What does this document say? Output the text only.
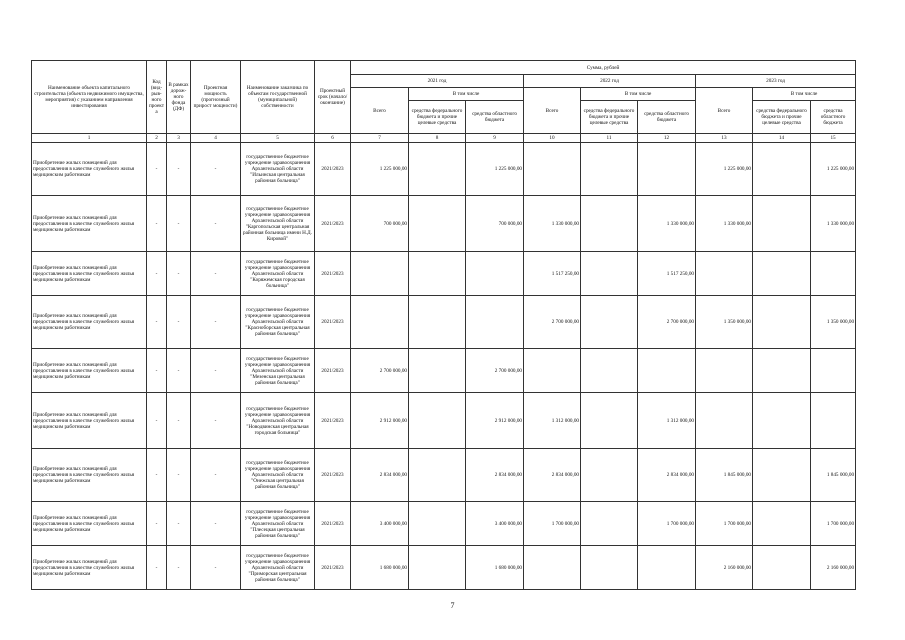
Наименование объекта капитального строительства (объекта недвижимого имущества, мероприятия) с указанием направления инвестирования	Код (вид-рыв-ного проекта	В рамках дорож-ного фонда (ДФ)	Проектная мощность (прогнозный прирост мощности)	Наименование заказчика по объектам государственной (муниципальной) собственности	Проектный срок (начало/окончание)	Сумма, рублей								
						2021 год			2022 год			2023 год		
						Всего	В том числе		Всего	В том числе		Всего	В том числе	
							средства федерального бюджета и прочие целевые средства	средства областного бюджета		средства федерального бюджета и прочие целевые средства	средства областного бюджета		средства федерального бюджета и прочие целевые средства	средства областного бюджета
1	2	3	4	5	6	7	8	9	10	11	12	13	14	15
Приобретение жилых помещений для предоставления в качестве служебного жилья медицинским работникам	-	-	-	государственное бюджетное учреждение здравоохранения Архангельской области "Ильинская центральная районная больница"	2021/2023	1 225 000,00		1 225 000,00				1 225 000,00		1 225 000,00
Приобретение жилых помещений для предоставления в качестве служебного жилья медицинским работникам	-	-	-	государственное бюджетное учреждение здравоохранения Архангельской области "Каргопольская центральная районная больница имени Н.Д. Кировой"	2021/2023	700 000,00		700 000,00	1 330 000,00		1 330 000,00	1 330 000,00		1 330 000,00
Приобретение жилых помещений для предоставления в качестве служебного жилья медицинским работникам	-	-	-	государственное бюджетное учреждение здравоохранения Архангельской области "Коряжемская городская больница"	2021/2023				1 517 250,00		1 517 250,00			
Приобретение жилых помещений для предоставления в качестве служебного жилья медицинским работникам	-	-	-	государственное бюджетное учреждение здравоохранения Архангельской области "Красноборская центральная районная больница"	2021/2023				2 700 000,00		2 700 000,00	1 350 000,00		1 350 000,00
Приобретение жилых помещений для предоставления в качестве служебного жилья медицинским работникам	-	-	-	государственное бюджетное учреждение здравоохранения Архангельской области "Мезенская центральная районная больница"	2021/2023	2 700 000,00		2 700 000,00						
Приобретение жилых помещений для предоставления в качестве служебного жилья медицинским работникам	-	-	-	государственное бюджетное учреждение здравоохранения Архангельской области "Новодвинская центральная городская больница"	2021/2023	2 912 000,00		2 912 000,00	1 312 000,00		1 312 000,00			
Приобретение жилых помещений для предоставления в качестве служебного жилья медицинским работникам	-	-	-	государственное бюджетное учреждение здравоохранения Архангельской области "Онежская центральная районная больница"	2021/2023	2 834 000,00		2 834 000,00	2 834 000,00		2 834 000,00	1 845 000,00		1 845 000,00
Приобретение жилых помещений для предоставления в качестве служебного жилья медицинским работникам	-	-	-	государственное бюджетное учреждение здравоохранения Архангельской области "Плесецкая центральная районная больница"	2021/2023	3 400 000,00		3 400 000,00	1 700 000,00		1 700 000,00	1 700 000,00		1 700 000,00
Приобретение жилых помещений для предоставления в качестве служебного жилья медицинским работникам	-	-	-	государственное бюджетное учреждение здравоохранения Архангельской области "Приморская центральная районная больница"	2021/2023	1 680 000,00		1 680 000,00				2 160 000,00		2 160 000,00
7
